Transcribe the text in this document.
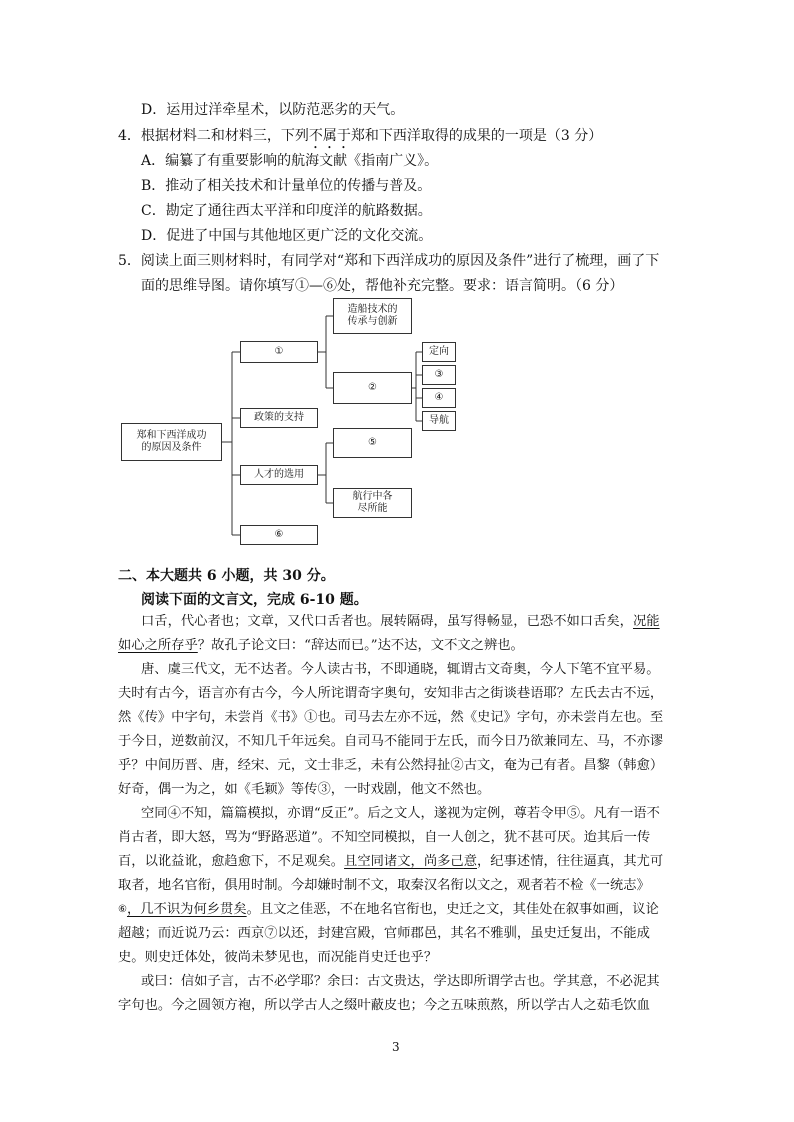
D．运用过洋牵星术，以防范恶劣的天气。
4．根据材料二和材料三，下列不属于郑和下西洋取得的成果的一项是（3 分）
A．编纂了有重要影响的航海文献《指南广义》。
B．推动了相关技术和计量单位的传播与普及。
C．勘定了通往西太平洋和印度洋的航路数据。
D．促进了中国与其他地区更广泛的文化交流。
5．阅读上面三则材料时，有同学对“郑和下西洋成功的原因及条件”进行了梳理，画了下
面的思维导图。请你填写①—⑥处，帮他补充完整。要求：语言简明。（6 分）
郑和下西洋成功的原因及条件
①
造船技术的传承与创新
②
定向
③
④
导航
政策的支持
人才的选用
⑤
航行中各尽所能
⑥
二、本大题共 6 小题，共 30 分。
阅读下面的文言文，完成 6-10 题。
口舌，代心者也；文章，又代口舌者也。展转隔碍，虽写得畅显，已恐不如口舌矣，况能
如心之所存乎？故孔子论文曰：“辞达而已。”达不达，文不文之辨也。
唐、虞三代文，无不达者。今人读古书，不即通晓，辄谓古文奇奥，今人下笔不宜平易。
夫时有古今，语言亦有古今，今人所诧谓奇字奥句，安知非古之街谈巷语耶？左氏去古不远，
然《传》中字句，未尝肖《书》①也。司马去左亦不远，然《史记》字句，亦未尝肖左也。至
于今日，逆数前汉，不知几千年远矣。自司马不能同于左氏，而今日乃欲兼同左、马，不亦谬
乎？中间历晋、唐，经宋、元，文士非乏，未有公然挦扯②古文，奄为己有者。昌黎（韩愈）
好奇，偶一为之，如《毛颖》等传③，一时戏剧，他文不然也。
空同④不知，篇篇模拟，亦谓“反正”。后之文人，遂视为定例，尊若令甲⑤。凡有一语不
肖古者，即大怒，骂为“野路恶道”。不知空同模拟，自一人创之，犹不甚可厌。迨其后一传
百，以讹益讹，愈趋愈下，不足观矣。且空同诸文，尚多己意，纪事述情，往往逼真，其尤可
取者，地名官衔，俱用时制。今却嫌时制不文，取秦汉名衔以文之，观者若不检《一统志》
⑥，几不识为何乡贯矣。且文之佳恶，不在地名官衔也，史迁之文，其佳处在叙事如画，议论
超越；而近说乃云：西京⑦以还，封建宫殿，官师郡邑，其名不雅驯，虽史迁复出，不能成
史。则史迁体处，彼尚未梦见也，而况能肖史迁也乎？
或曰：信如子言，古不必学耶？余曰：古文贵达，学达即所谓学古也。学其意，不必泥其
字句也。今之圆领方袍，所以学古人之缀叶蔽皮也；今之五味煎熬，所以学古人之茹毛饮血
3
